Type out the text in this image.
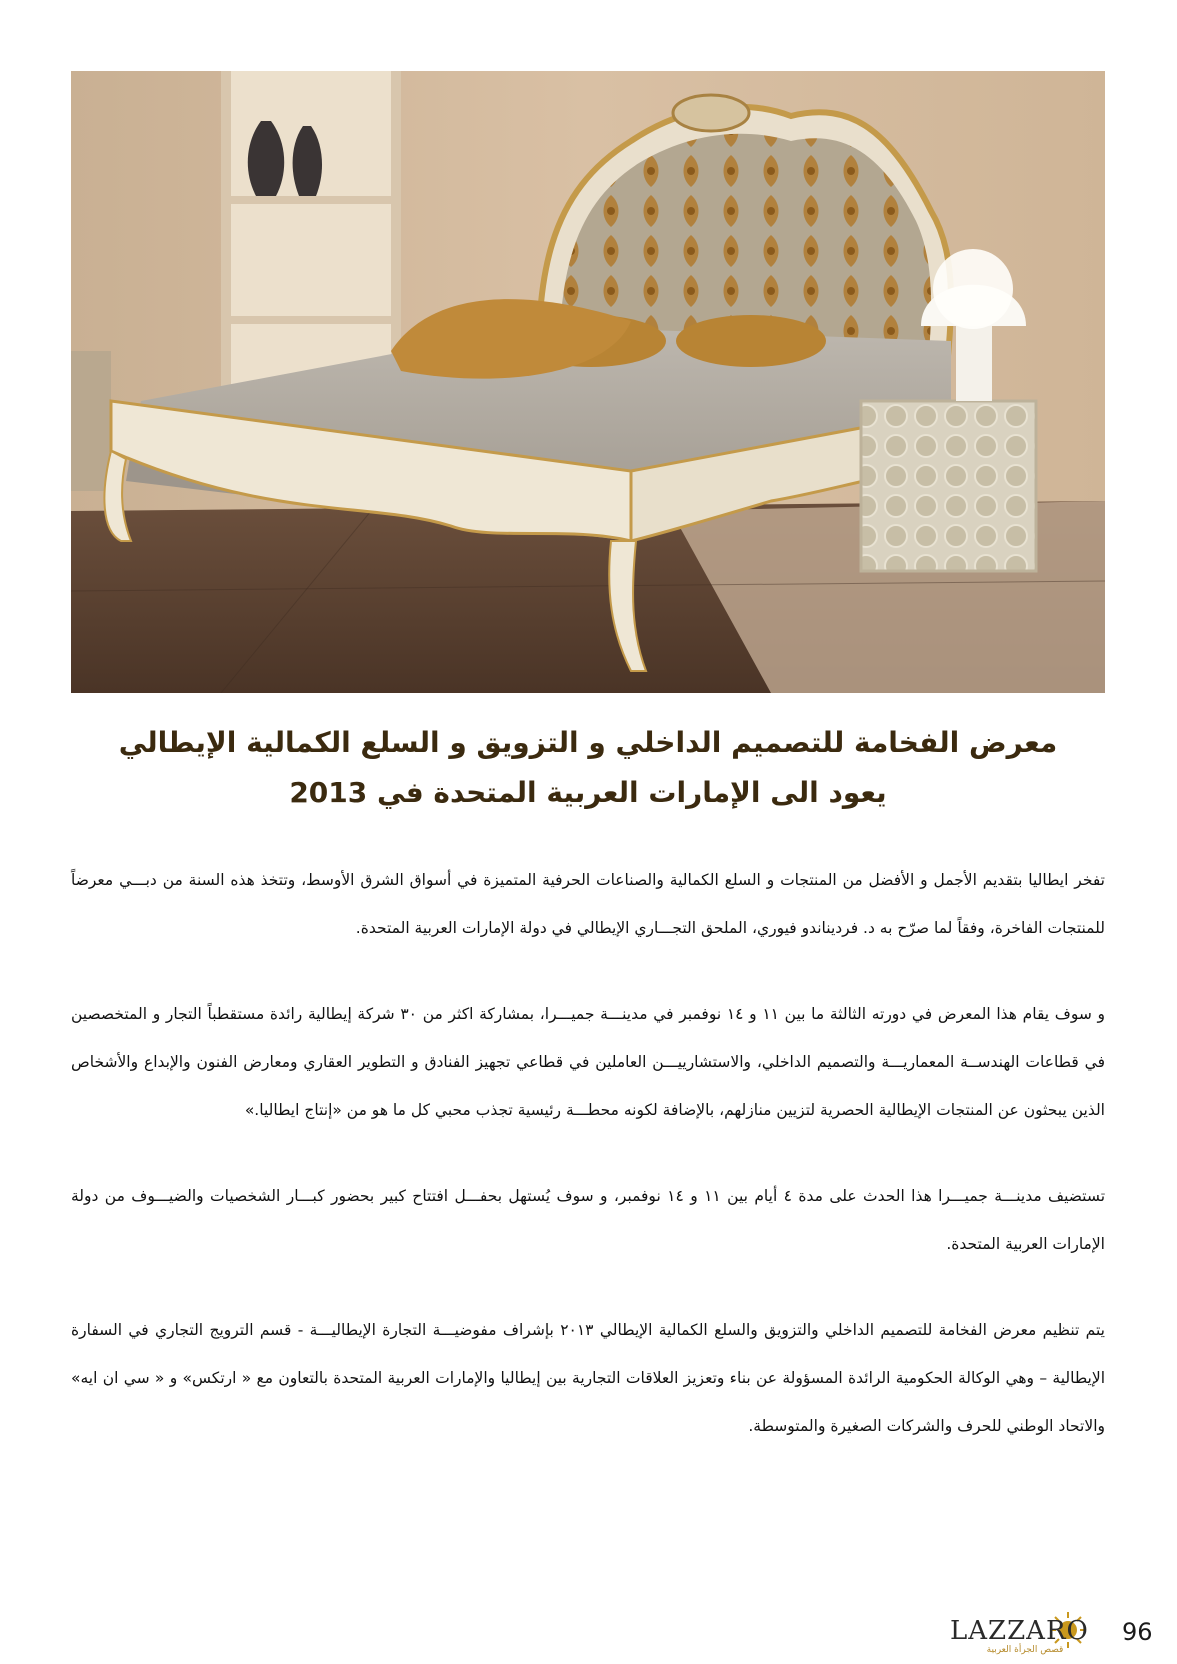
معرض الفخامة للتصميم الداخلي و التزويق و السلع الكمالية الإيطالي
يعود الى الإمارات العربية المتحدة في 2013

تفخر ايطاليا بتقديم الأجمل و الأفضل من المنتجات و السلع الكمالية والصناعات الحرفية المتميزة في أسواق الشرق الأوسط، وتتخذ هذه السنة من دبـــي معرضاً للمنتجات الفاخرة، وفقاً لما صرّح به د. فرديناندو فيوري، الملحق التجـــاري الإيطالي في دولة الإمارات العربية المتحدة.

و سوف يقام هذا المعرض في دورته الثالثة ما بين ١١ و ١٤ نوفمبر في مدينـــة جميـــرا، بمشاركة اكثر من ٣٠ شركة إيطالية رائدة مستقطباً التجار و المتخصصين في قطاعات الهندســة المعماريـــة والتصميم الداخلي، والاستشارييـــن العاملين في قطاعي تجهيز الفنادق و التطوير العقاري ومعارض الفنون والإبداع والأشخاص الذين يبحثون عن المنتجات الإيطالية الحصرية لتزيين منازلهم، بالإضافة لكونه محطـــة رئيسية تجذب محبي كل ما هو من «إنتاج ايطاليا.»

تستضيف مدينـــة جميـــرا هذا الحدث على مدة ٤ أيام بين ١١ و ١٤ نوفمبر، و سوف يُستهل بحفـــل افتتاح كبير بحضور كبـــار الشخصيات والضيـــوف من دولة الإمارات العربية المتحدة.

يتم تنظيم معرض الفخامة للتصميم الداخلي والتزويق والسلع الكمالية الإيطالي ٢٠١٣ بإشراف مفوضيـــة التجارة الإيطاليـــة - قسم الترويج التجاري في السفارة الإيطالية – وهي الوكالة الحكومية الرائدة المسؤولة عن بناء وتعزيز العلاقات التجارية بين إيطاليا والإمارات العربية المتحدة بالتعاون مع « ارتكس» و « سي ان ايه» والاتحاد الوطني للحرف والشركات الصغيرة والمتوسطة.

LAZZARO
قصص الجرأة العربية
96
